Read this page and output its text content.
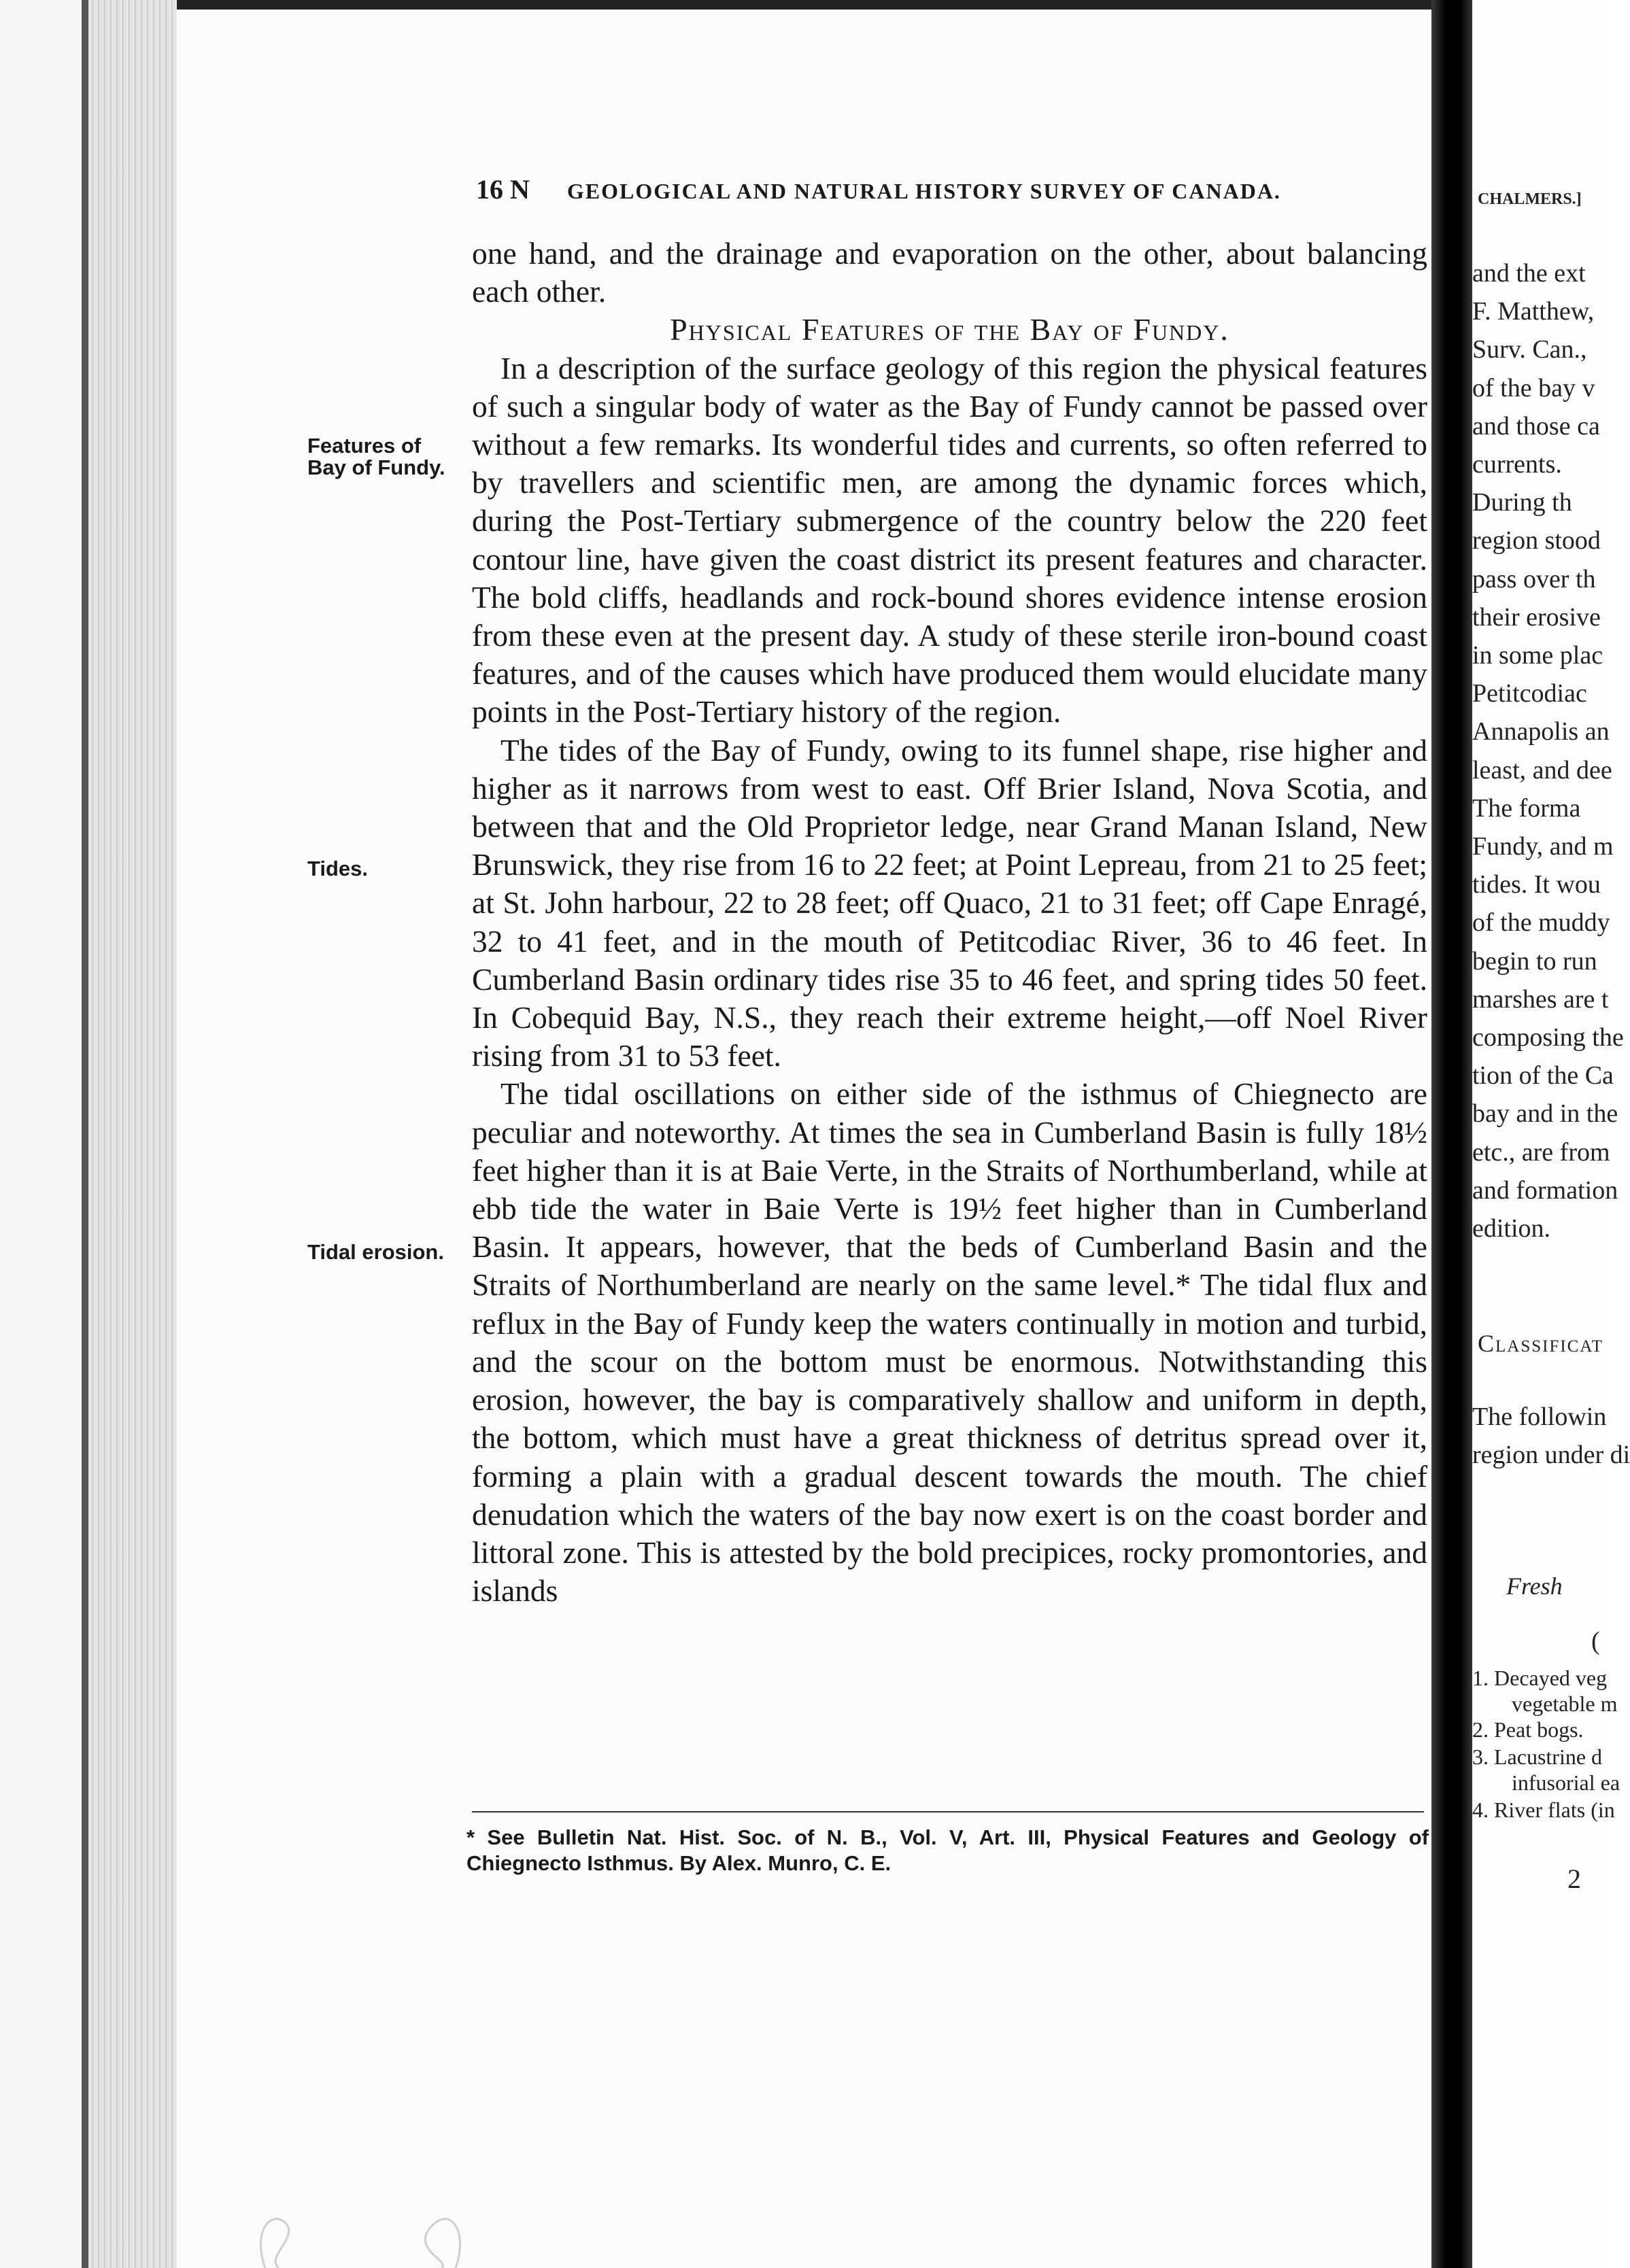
16 N GEOLOGICAL AND NATURAL HISTORY SURVEY OF CANADA.
Features of
Bay of Fundy.
Tides.
Tidal erosion.

one hand, and the drainage and evaporation on the other, about balancing each other.

Physical Features of the Bay of Fundy.

In a description of the surface geology of this region the physical features of such a singular body of water as the Bay of Fundy cannot be passed over without a few remarks. Its wonderful tides and currents, so often referred to by travellers and scientific men, are among the dynamic forces which, during the Post-Tertiary submergence of the country below the 220 feet contour line, have given the coast district its present features and character. The bold cliffs, headlands and rock-bound shores evidence intense erosion from these even at the present day. A study of these sterile iron-bound coast features, and of the causes which have produced them would elucidate many points in the Post-Tertiary history of the region.

The tides of the Bay of Fundy, owing to its funnel shape, rise higher and higher as it narrows from west to east. Off Brier Island, Nova Scotia, and between that and the Old Proprietor ledge, near Grand Manan Island, New Brunswick, they rise from 16 to 22 feet; at Point Lepreau, from 21 to 25 feet; at St. John harbour, 22 to 28 feet; off Quaco, 21 to 31 feet; off Cape Enragé, 32 to 41 feet, and in the mouth of Petitcodiac River, 36 to 46 feet. In Cumberland Basin ordinary tides rise 35 to 46 feet, and spring tides 50 feet. In Cobequid Bay, N.S., they reach their extreme height,—off Noel River rising from 31 to 53 feet.

The tidal oscillations on either side of the isthmus of Chiegnecto are peculiar and noteworthy. At times the sea in Cumberland Basin is fully 18½ feet higher than it is at Baie Verte, in the Straits of Northumberland, while at ebb tide the water in Baie Verte is 19½ feet higher than in Cumberland Basin. It appears, however, that the beds of Cumberland Basin and the Straits of Northumberland are nearly on the same level.* The tidal flux and reflux in the Bay of Fundy keep the waters continually in motion and turbid, and the scour on the bottom must be enormous. Notwithstanding this erosion, however, the bay is comparatively shallow and uniform in depth, the bottom, which must have a great thickness of detritus spread over it, forming a plain with a gradual descent towards the mouth. The chief denudation which the waters of the bay now exert is on the coast border and littoral zone. This is attested by the bold precipices, rocky promontories, and islands

* See Bulletin Nat. Hist. Soc. of N. B., Vol. V, Art. III, Physical Features and Geology of Chiegnecto Isthmus. By Alex. Munro, C. E.
CHALMERS.]
and the ext
F. Matthew,
Surv. Can.,
of the bay v
and those ca
currents.
During th
region stood
pass over th
their erosive
in some plac
Petitcodiac
Annapolis an
least, and dee
The forma
Fundy, and m
tides. It wou
of the muddy
begin to run
marshes are t
composing the
tion of the Ca
bay and in the
etc., are from
and formation
edition.
Classificat
The followin
region under di
Fresh
(
1. Decayed veg
vegetable m
2. Peat bogs.
3. Lacustrine d
infusorial ea
4. River flats (in
2
